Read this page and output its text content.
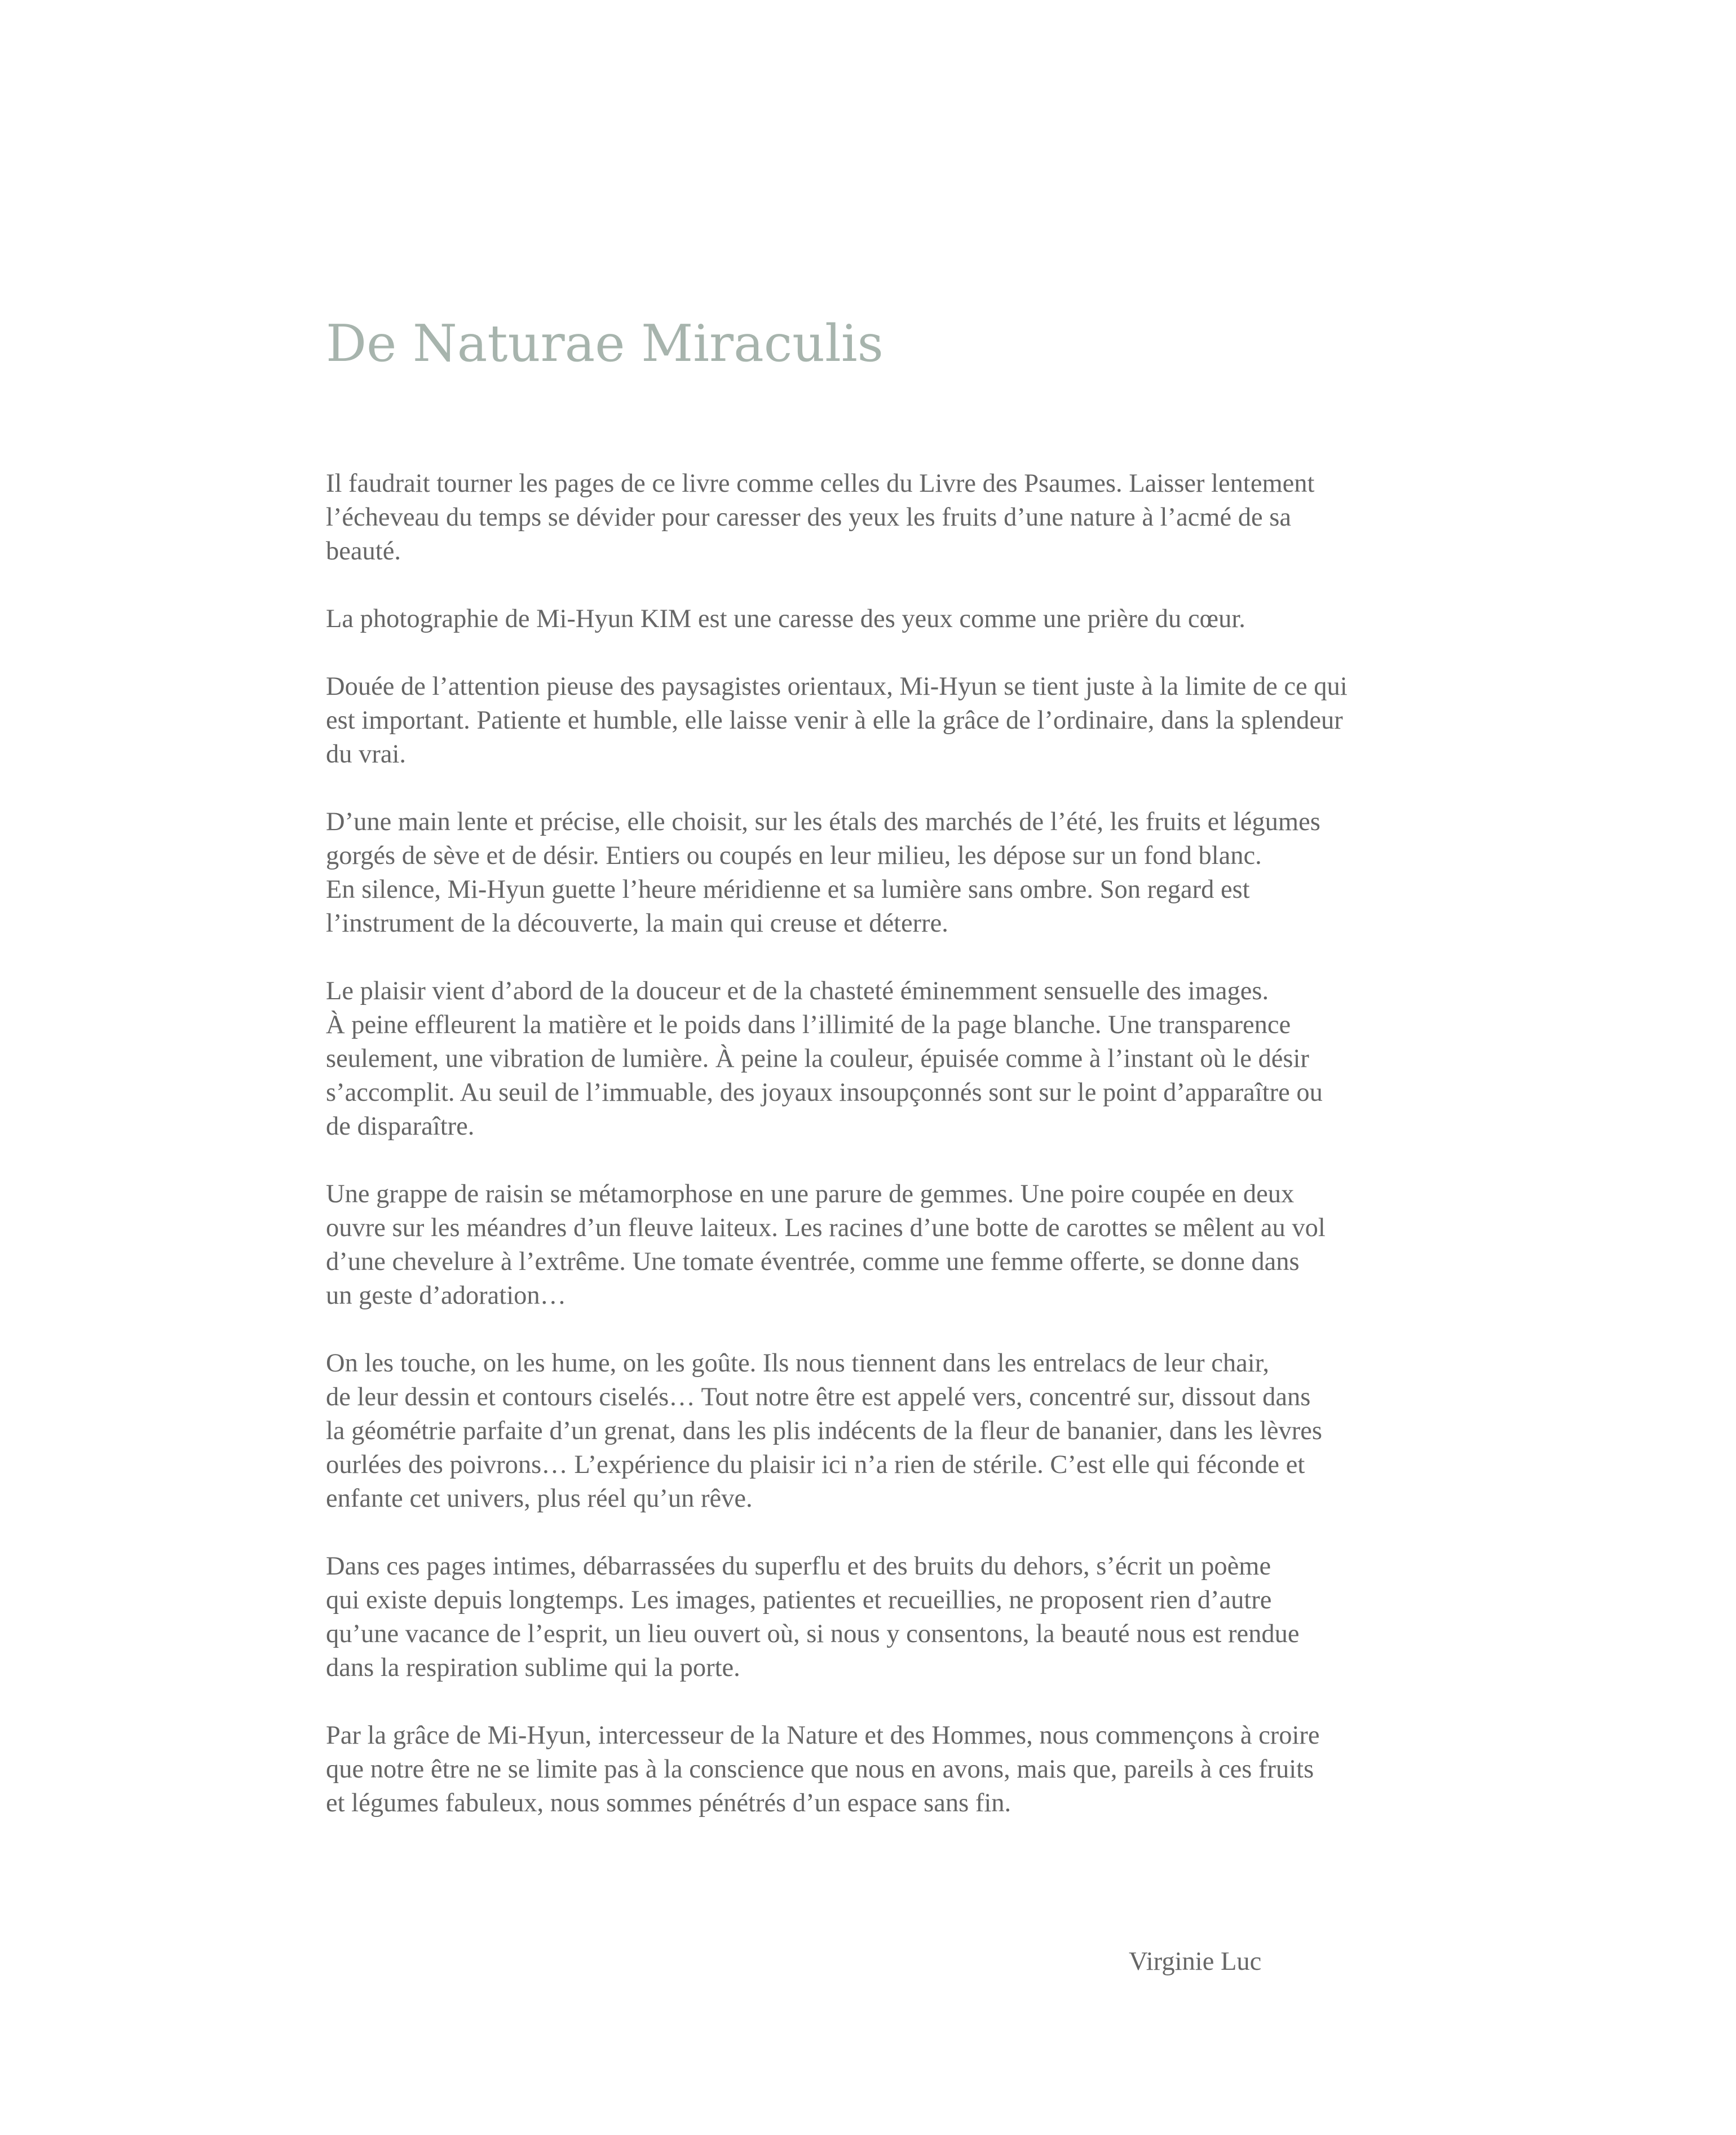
De Naturae Miraculis

Il faudrait tourner les pages de ce livre comme celles du Livre des Psaumes. Laisser lentement
l’écheveau du temps se dévider pour caresser des yeux les fruits d’une nature à l’acmé de sa
beauté.

La photographie de Mi-Hyun KIM est une caresse des yeux comme une prière du cœur.

Douée de l’attention pieuse des paysagistes orientaux, Mi-Hyun se tient juste à la limite de ce qui
est important. Patiente et humble, elle laisse venir à elle la grâce de l’ordinaire, dans la splendeur
du vrai.

D’une main lente et précise, elle choisit, sur les étals des marchés de l’été, les fruits et légumes
gorgés de sève et de désir. Entiers ou coupés en leur milieu, les dépose sur un fond blanc.
En silence, Mi-Hyun guette l’heure méridienne et sa lumière sans ombre. Son regard est
l’instrument de la découverte, la main qui creuse et déterre.

Le plaisir vient d’abord de la douceur et de la chasteté éminemment sensuelle des images.
À peine effleurent la matière et le poids dans l’illimité de la page blanche. Une transparence
seulement, une vibration de lumière. À peine la couleur, épuisée comme à l’instant où le désir
s’accomplit. Au seuil de l’immuable, des joyaux insoupçonnés sont sur le point d’apparaître ou
de disparaître.

Une grappe de raisin se métamorphose en une parure de gemmes. Une poire coupée en deux
ouvre sur les méandres d’un fleuve laiteux. Les racines d’une botte de carottes se mêlent au vol
d’une chevelure à l’extrême. Une tomate éventrée, comme une femme offerte, se donne dans
un geste d’adoration…

On les touche, on les hume, on les goûte. Ils nous tiennent dans les entrelacs de leur chair,
de leur dessin et contours ciselés… Tout notre être est appelé vers, concentré sur, dissout dans
la géométrie parfaite d’un grenat, dans les plis indécents de la fleur de bananier, dans les lèvres
ourlées des poivrons… L’expérience du plaisir ici n’a rien de stérile. C’est elle qui féconde et
enfante cet univers, plus réel qu’un rêve.

Dans ces pages intimes, débarrassées du superflu et des bruits du dehors, s’écrit un poème
qui existe depuis longtemps. Les images, patientes et recueillies, ne proposent rien d’autre
qu’une vacance de l’esprit, un lieu ouvert où, si nous y consentons, la beauté nous est rendue
dans la respiration sublime qui la porte.

Par la grâce de Mi-Hyun, intercesseur de la Nature et des Hommes, nous commençons à croire
que notre être ne se limite pas à la conscience que nous en avons, mais que, pareils à ces fruits
et légumes fabuleux, nous sommes pénétrés d’un espace sans fin.

Virginie Luc
